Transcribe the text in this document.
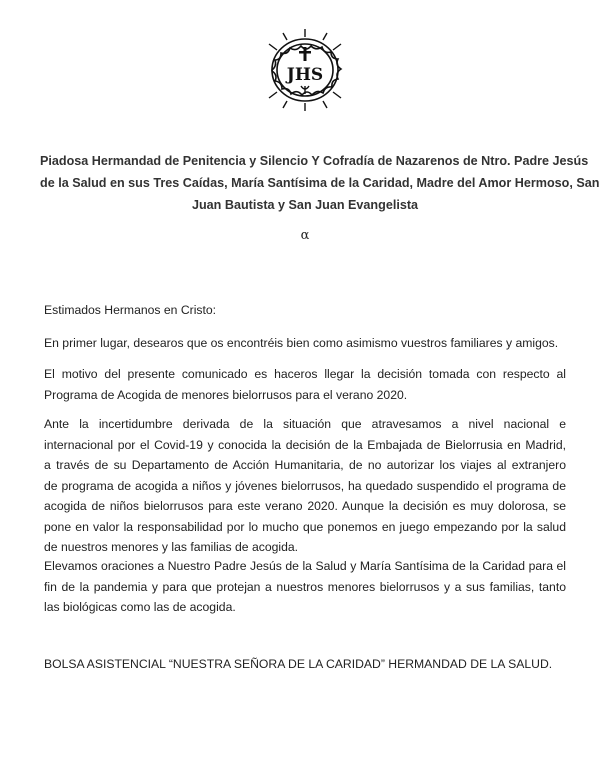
JHS
Piadosa Hermandad de Penitencia y Silencio Y Cofradía de Nazarenos de Ntro. Padre Jesús
de la Salud en sus Tres Caídas, María Santísima de la Caridad, Madre del Amor Hermoso, San
Juan Bautista y San Juan Evangelista
α

Estimados Hermanos en Cristo:

En primer lugar, desearos que os encontréis bien como asimismo vuestros familiares y amigos.

El motivo del presente comunicado es haceros llegar la decisión tomada con respecto al
Programa de Acogida de menores bielorrusos para el verano 2020.
Ante la incertidumbre derivada de la situación que atravesamos a nivel nacional e
internacional por el Covid-19 y conocida la decisión de la Embajada de Bielorrusia en Madrid,
a través de su Departamento de Acción Humanitaria, de no autorizar los viajes al extranjero
de programa de acogida a niños y jóvenes bielorrusos, ha quedado suspendido el programa de
acogida de niños bielorrusos para este verano 2020. Aunque la decisión es muy dolorosa, se
pone en valor la responsabilidad por lo mucho que ponemos en juego empezando por la salud
de nuestros menores y las familias de acogida.
Elevamos oraciones a Nuestro Padre Jesús de la Salud y María Santísima de la Caridad para el
fin de la pandemia y para que protejan a nuestros menores bielorrusos y a sus familias, tanto
las biológicas como las de acogida.

BOLSA ASISTENCIAL “NUESTRA SEÑORA DE LA CARIDAD” HERMANDAD DE LA SALUD.
